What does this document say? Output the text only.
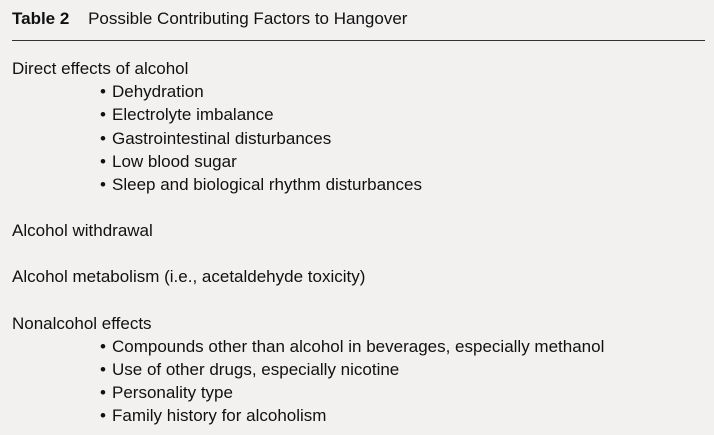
Table 2 Possible Contributing Factors to Hangover
Direct effects of alcohol
• Dehydration
• Electrolyte imbalance
• Gastrointestinal disturbances
• Low blood sugar
• Sleep and biological rhythm disturbances
Alcohol withdrawal
Alcohol metabolism (i.e., acetaldehyde toxicity)
Nonalcohol effects
• Compounds other than alcohol in beverages, especially methanol
• Use of other drugs, especially nicotine
• Personality type
• Family history for alcoholism
